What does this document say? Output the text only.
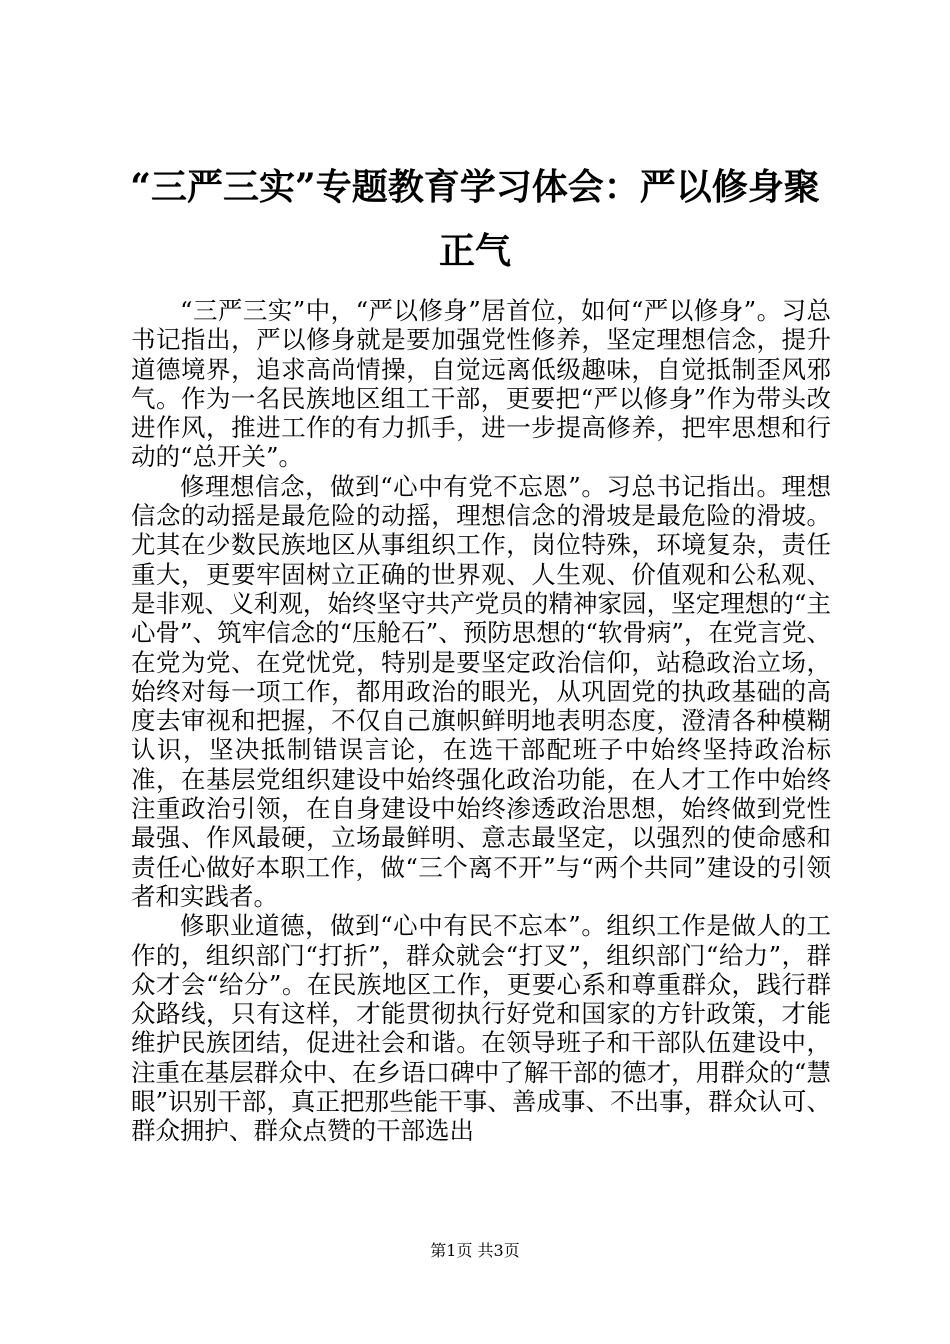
“三严三实”专题教育学习体会：严以修身聚正气

“三严三实”中，“严以修身”居首位，如何“严以修身”。习总书记指出，严以修身就是要加强党性修养，坚定理想信念，提升道德境界，追求高尚情操，自觉远离低级趣味，自觉抵制歪风邪气。作为一名民族地区组工干部，更要把“严以修身”作为带头改进作风，推进工作的有力抓手，进一步提高修养，把牢思想和行动的“总开关”。

修理想信念，做到“心中有党不忘恩”。习总书记指出。理想信念的动摇是最危险的动摇，理想信念的滑坡是最危险的滑坡。尤其在少数民族地区从事组织工作，岗位特殊，环境复杂，责任重大，更要牢固树立正确的世界观、人生观、价值观和公私观、是非观、义利观，始终坚守共产党员的精神家园，坚定理想的“主心骨”、筑牢信念的“压舱石”、预防思想的“软骨病”，在党言党、在党为党、在党忧党，特别是要坚定政治信仰，站稳政治立场，始终对每一项工作，都用政治的眼光，从巩固党的执政基础的高度去审视和把握，不仅自己旗帜鲜明地表明态度，澄清各种模糊认识，坚决抵制错误言论，在选干部配班子中始终坚持政治标准，在基层党组织建设中始终强化政治功能，在人才工作中始终注重政治引领，在自身建设中始终渗透政治思想，始终做到党性最强、作风最硬，立场最鲜明、意志最坚定，以强烈的使命感和责任心做好本职工作，做“三个离不开”与“两个共同”建设的引领者和实践者。

修职业道德，做到“心中有民不忘本”。组织工作是做人的工作的，组织部门“打折”，群众就会“打叉”，组织部门“给力”，群众才会“给分”。在民族地区工作，更要心系和尊重群众，践行群众路线，只有这样，才能贯彻执行好党和国家的方针政策，才能维护民族团结，促进社会和谐。在领导班子和干部队伍建设中，注重在基层群众中、在乡语口碑中了解干部的德才，用群众的“慧眼”识别干部，真正把那些能干事、善成事、不出事，群众认可、群众拥护、群众点赞的干部选出

第1页 共3页
